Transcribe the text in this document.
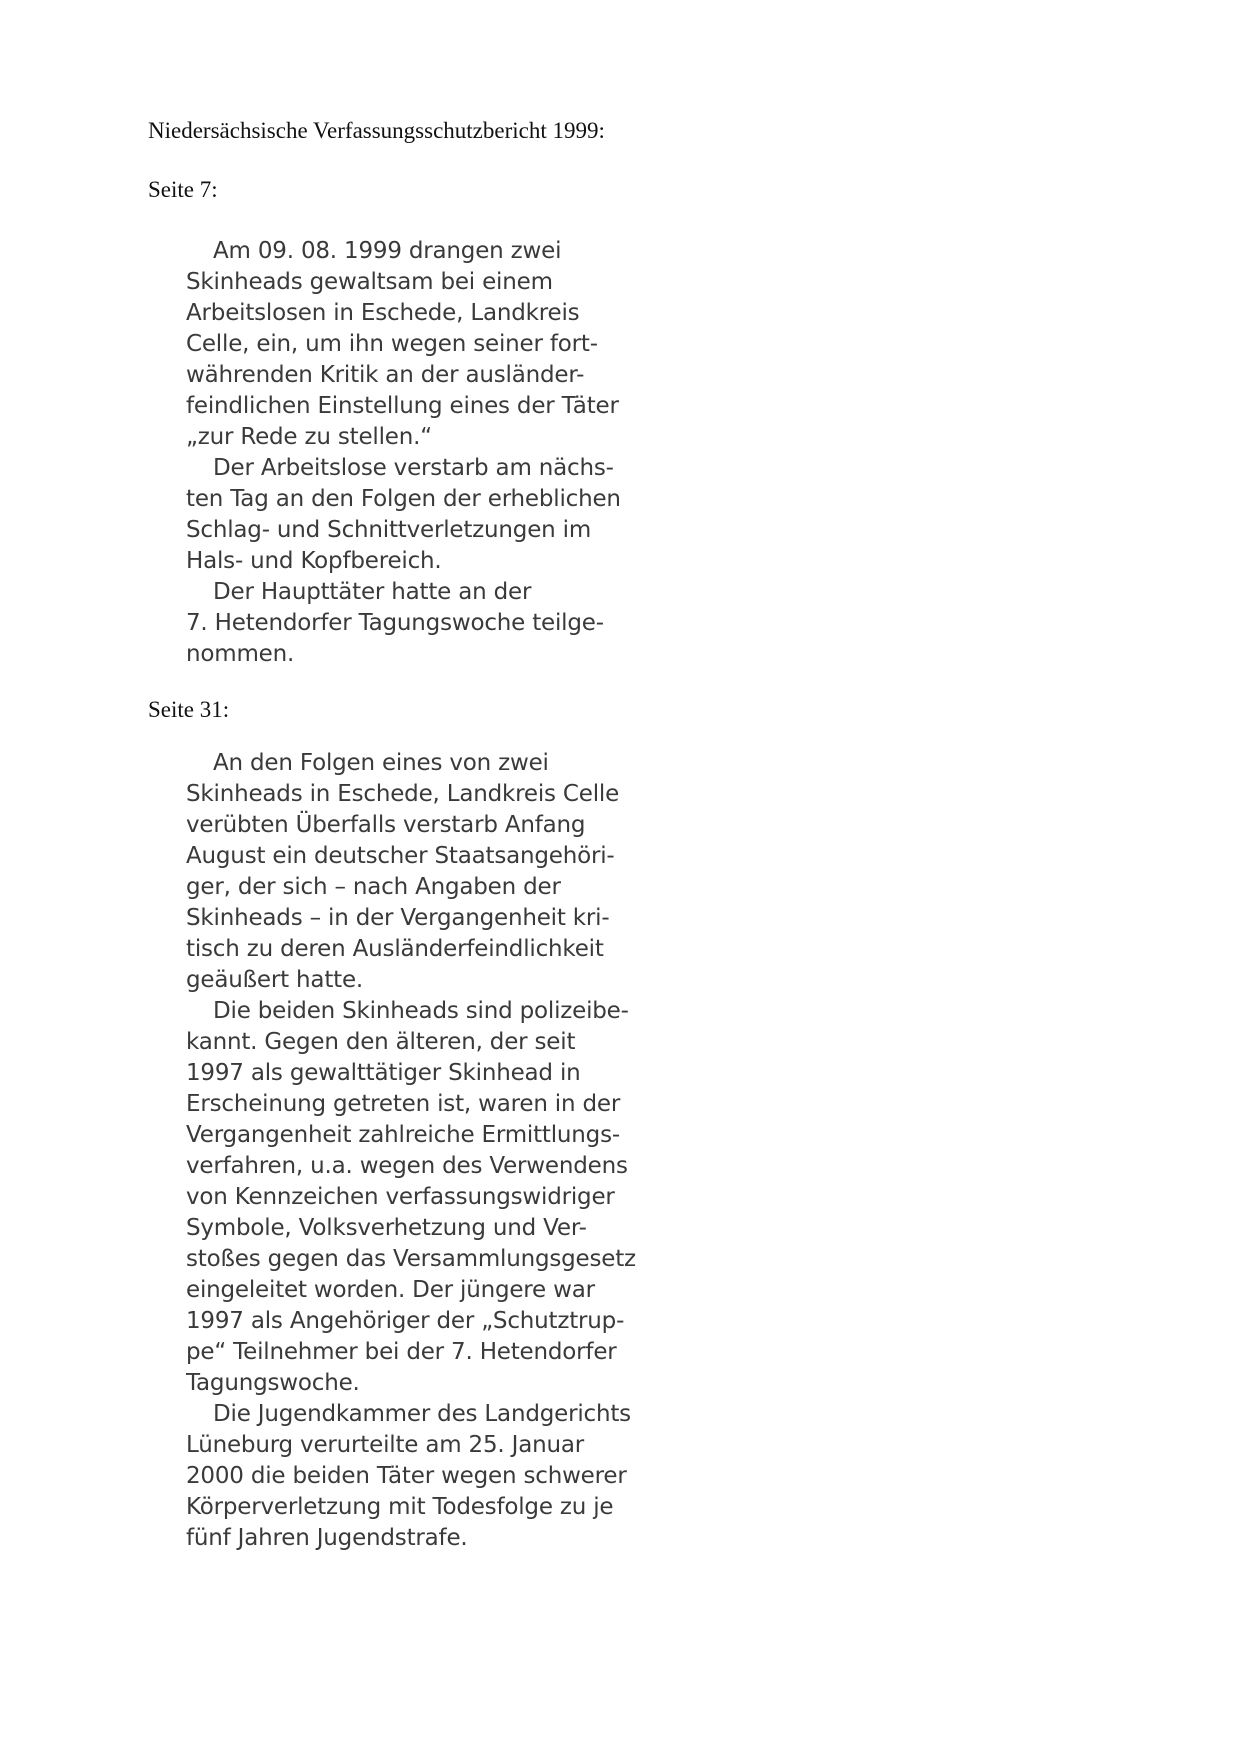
Niedersächsische Verfassungsschutzbericht 1999:
Seite 7:
Am 09. 08. 1999 drangen zwei
Skinheads gewaltsam bei einem
Arbeitslosen in Eschede, Landkreis
Celle, ein, um ihn wegen seiner fort-
währenden Kritik an der ausländer-
feindlichen Einstellung eines der Täter
„zur Rede zu stellen.“
Der Arbeitslose verstarb am nächs-
ten Tag an den Folgen der erheblichen
Schlag- und Schnittverletzungen im
Hals- und Kopfbereich.
Der Haupttäter hatte an der
7. Hetendorfer Tagungswoche teilge-
nommen.
Seite 31:
An den Folgen eines von zwei
Skinheads in Eschede, Landkreis Celle
verübten Überfalls verstarb Anfang
August ein deutscher Staatsangehöri-
ger, der sich – nach Angaben der
Skinheads – in der Vergangenheit kri-
tisch zu deren Ausländerfeindlichkeit
geäußert hatte.
Die beiden Skinheads sind polizeibe-
kannt. Gegen den älteren, der seit
1997 als gewalttätiger Skinhead in
Erscheinung getreten ist, waren in der
Vergangenheit zahlreiche Ermittlungs-
verfahren, u.a. wegen des Verwendens
von Kennzeichen verfassungswidriger
Symbole, Volksverhetzung und Ver-
stoßes gegen das Versammlungsgesetz
eingeleitet worden. Der jüngere war
1997 als Angehöriger der „Schutztrup-
pe“ Teilnehmer bei der 7. Hetendorfer
Tagungswoche.
Die Jugendkammer des Landgerichts
Lüneburg verurteilte am 25. Januar
2000 die beiden Täter wegen schwerer
Körperverletzung mit Todesfolge zu je
fünf Jahren Jugendstrafe.
